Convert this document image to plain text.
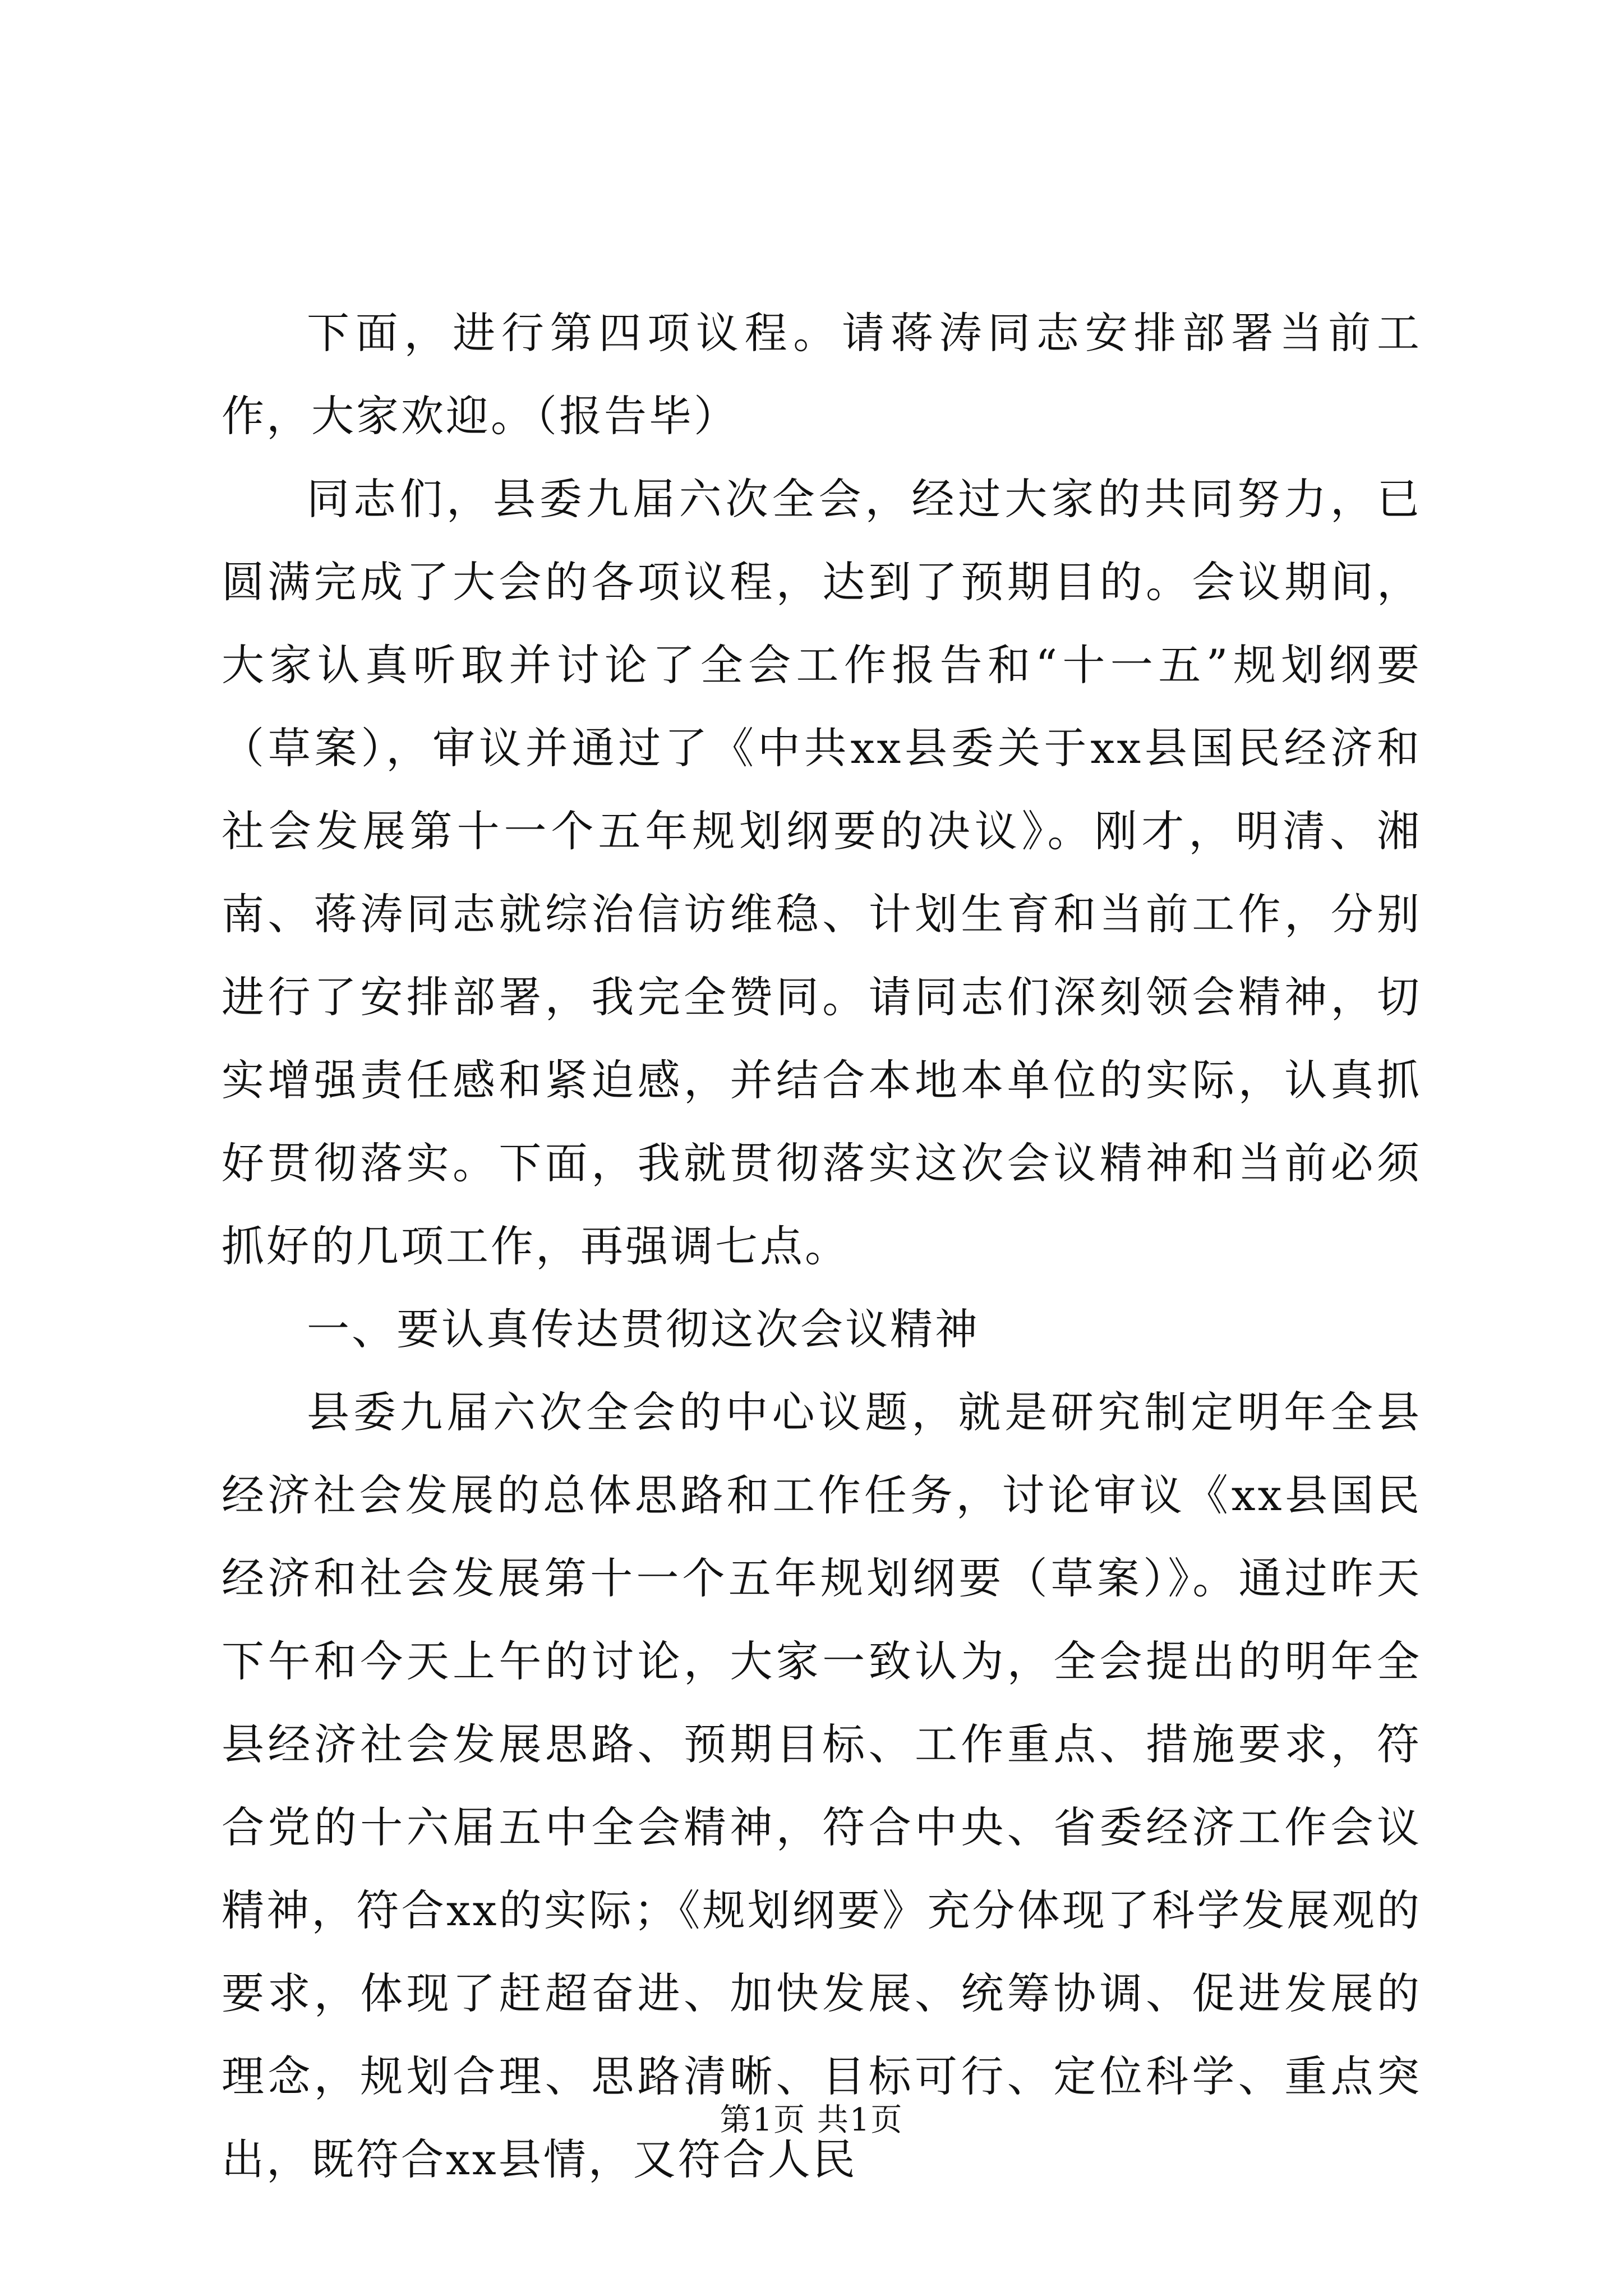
下面，进行第四项议程。请蒋涛同志安排部署当前工作，大家欢迎。（报告毕）

同志们，县委九届六次全会，经过大家的共同努力，已圆满完成了大会的各项议程，达到了预期目的。会议期间，大家认真听取并讨论了全会工作报告和“十一五”规划纲要（草案），审议并通过了《中共xx县委关于xx县国民经济和社会发展第十一个五年规划纲要的决议》。刚才，明清、湘南、蒋涛同志就综治信访维稳、计划生育和当前工作，分别进行了安排部署，我完全赞同。请同志们深刻领会精神，切实增强责任感和紧迫感，并结合本地本单位的实际，认真抓好贯彻落实。下面，我就贯彻落实这次会议精神和当前必须抓好的几项工作，再强调七点。

一、要认真传达贯彻这次会议精神

县委九届六次全会的中心议题，就是研究制定明年全县经济社会发展的总体思路和工作任务，讨论审议《xx县国民经济和社会发展第十一个五年规划纲要（草案）》。通过昨天下午和今天上午的讨论，大家一致认为，全会提出的明年全县经济社会发展思路、预期目标、工作重点、措施要求，符合党的十六届五中全会精神，符合中央、省委经济工作会议精神，符合xx的实际；《规划纲要》充分体现了科学发展观的要求，体现了赶超奋进、加快发展、统筹协调、促进发展的理念，规划合理、思路清晰、目标可行、定位科学、重点突出，既符合xx县情，又符合人民

第1页 共1页
